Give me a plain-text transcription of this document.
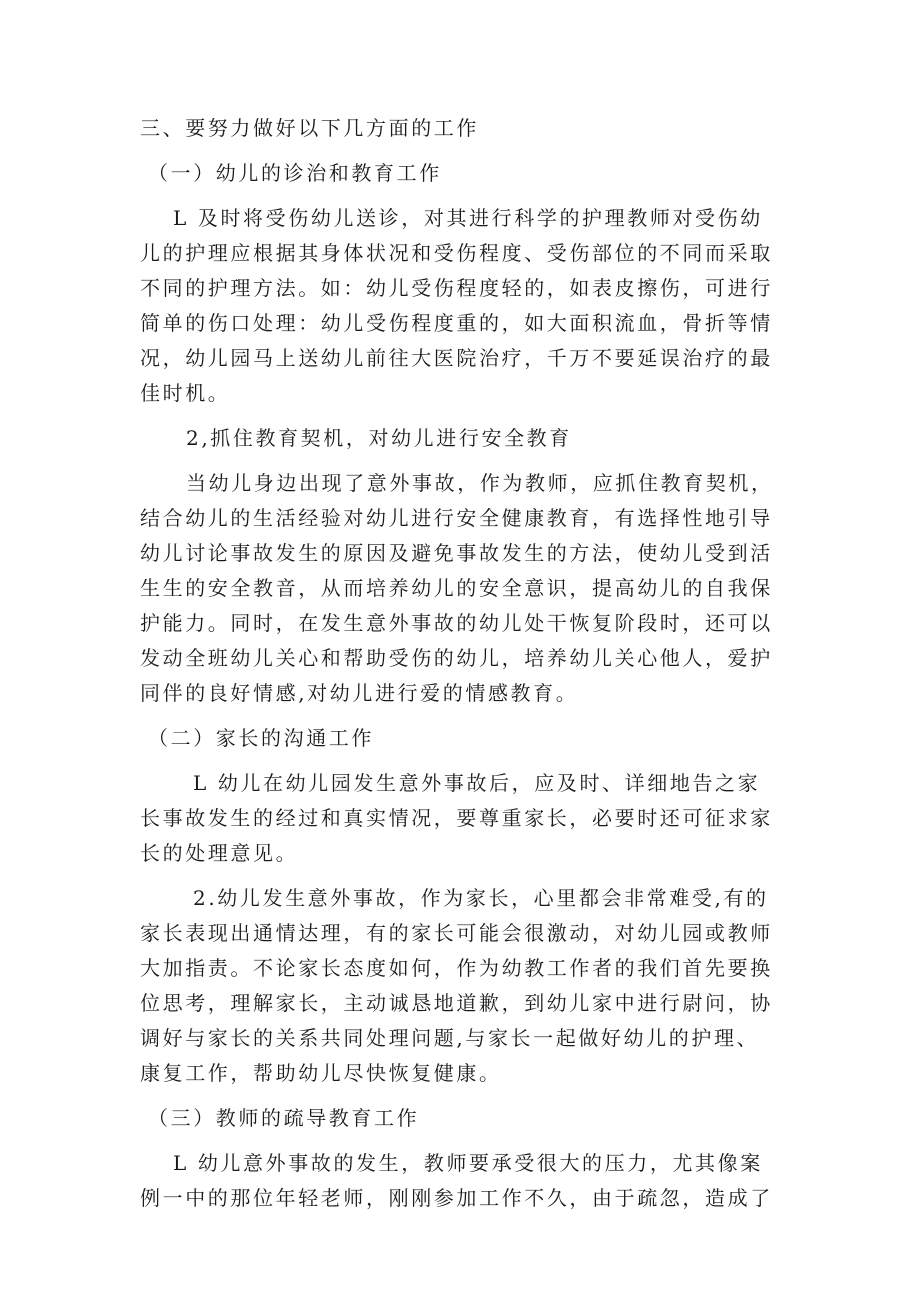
三、要努力做好以下几方面的工作
（一）幼儿的诊治和教育工作
L 及时将受伤幼儿送诊，对其进行科学的护理教师对受伤幼
儿的护理应根据其身体状况和受伤程度、受伤部位的不同而采取
不同的护理方法。如：幼儿受伤程度轻的，如表皮擦伤，可进行
简单的伤口处理：幼儿受伤程度重的，如大面积流血，骨折等情
况，幼儿园马上送幼儿前往大医院治疗，千万不要延误治疗的最
佳时机。
2,抓住教育契机，对幼儿进行安全教育
当幼儿身边出现了意外事故，作为教师，应抓住教育契机，
结合幼儿的生活经验对幼儿进行安全健康教育，有选择性地引导
幼儿讨论事故发生的原因及避免事故发生的方法，使幼儿受到活
生生的安全教音，从而培养幼儿的安全意识，提高幼儿的自我保
护能力。同时，在发生意外事故的幼儿处干恢复阶段时，还可以
发动全班幼儿关心和帮助受伤的幼儿，培养幼儿关心他人，爱护
同伴的良好情感,对幼儿进行爱的情感教育。
（二）家长的沟通工作
L 幼儿在幼儿园发生意外事故后，应及时、详细地告之家
长事故发生的经过和真实情况，要尊重家长，必要时还可征求家
长的处理意见。
2.幼儿发生意外事故，作为家长，心里都会非常难受,有的
家长表现出通情达理，有的家长可能会很激动，对幼儿园或教师
大加指责。不论家长态度如何，作为幼教工作者的我们首先要换
位思考，理解家长，主动诚恳地道歉，到幼儿家中进行尉问，协
调好与家长的关系共同处理问题,与家长一起做好幼儿的护理、
康复工作，帮助幼儿尽快恢复健康。
（三）教师的疏导教育工作
L 幼儿意外事故的发生，教师要承受很大的压力，尤其像案
例一中的那位年轻老师，刚刚参加工作不久，由于疏忽，造成了
